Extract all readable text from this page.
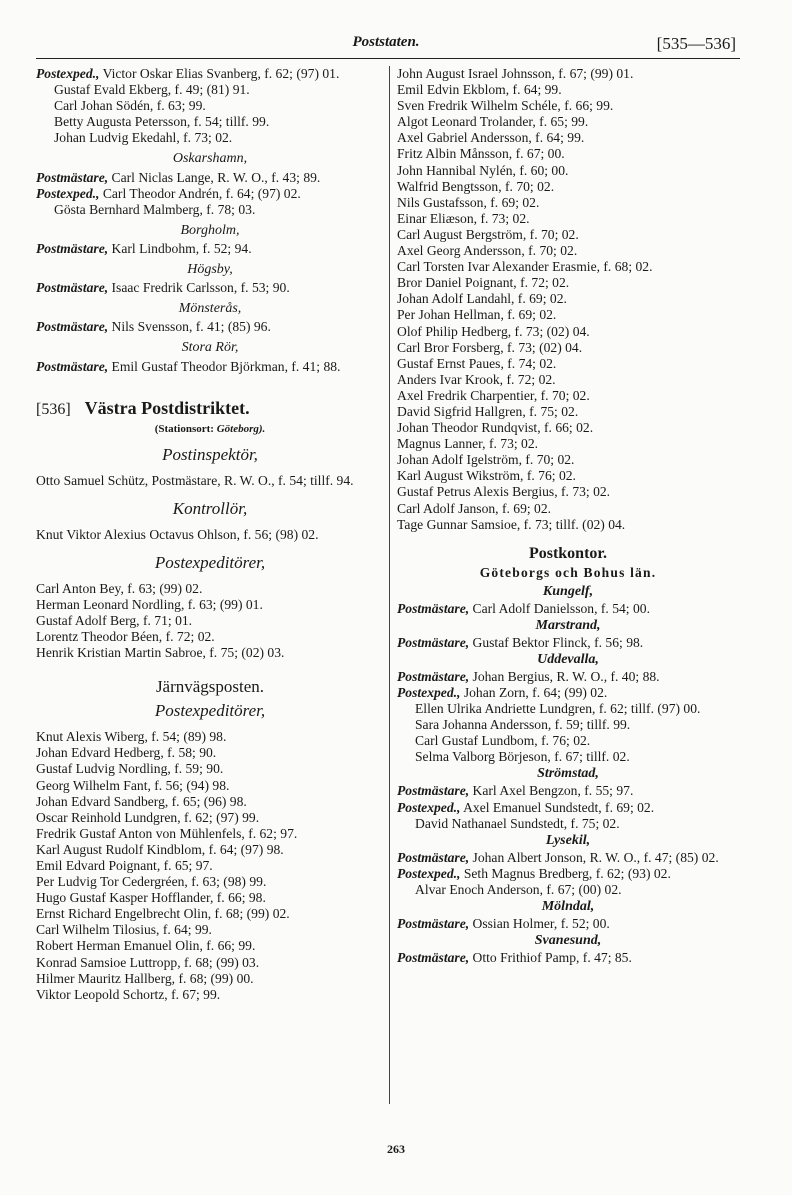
Poststaten.	[535—536]
Postexped., Victor Oskar Elias Svanberg, f. 62; (97) 01.
Gustaf Evald Ekberg, f. 49; (81) 91.
Carl Johan Södén, f. 63; 99.
Betty Augusta Petersson, f. 54; tillf. 99.
Johan Ludvig Ekedahl, f. 73; 02.
Oskarshamn,
Postmästare, Carl Niclas Lange, R. W. O., f. 43; 89.
Postexped., Carl Theodor Andrén, f. 64; (97) 02.
Gösta Bernhard Malmberg, f. 78; 03.
Borgholm,
Postmästare, Karl Lindbohm, f. 52; 94.
Högsby,
Postmästare, Isaac Fredrik Carlsson, f. 53; 90.
Mönsterås,
Postmästare, Nils Svensson, f. 41; (85) 96.
Stora Rör,
Postmästare, Emil Gustaf Theodor Björkman, f. 41; 88.
[536] Västra Postdistriktet.
(Stationsort: Göteborg).
Postinspektör,
Otto Samuel Schütz, Postmästare, R. W. O., f. 54; tillf. 94.
Kontrollör,
Knut Viktor Alexius Octavus Ohlson, f. 56; (98) 02.
Postexpeditörer,
Carl Anton Bey, f. 63; (99) 02.
Herman Leonard Nordling, f. 63; (99) 01.
Gustaf Adolf Berg, f. 71; 01.
Lorentz Theodor Béen, f. 72; 02.
Henrik Kristian Martin Sabroe, f. 75; (02) 03.
Järnvägsposten.
Postexpeditörer,
Knut Alexis Wiberg, f. 54; (89) 98.
Johan Edvard Hedberg, f. 58; 90.
Gustaf Ludvig Nordling, f. 59; 90.
Georg Wilhelm Fant, f. 56; (94) 98.
Johan Edvard Sandberg, f. 65; (96) 98.
Oscar Reinhold Lundgren, f. 62; (97) 99.
Fredrik Gustaf Anton von Mühlenfels, f. 62; 97.
Karl August Rudolf Kindblom, f. 64; (97) 98.
Emil Edvard Poignant, f. 65; 97.
Per Ludvig Tor Cedergréen, f. 63; (98) 99.
Hugo Gustaf Kasper Hofflander, f. 66; 98.
Ernst Richard Engelbrecht Olin, f. 68; (99) 02.
Carl Wilhelm Tilosius, f. 64; 99.
Robert Herman Emanuel Olin, f. 66; 99.
Konrad Samsioe Luttropp, f. 68; (99) 03.
Hilmer Mauritz Hallberg, f. 68; (99) 00.
Viktor Leopold Schortz, f. 67; 99.
John August Israel Johnsson, f. 67; (99) 01.
Emil Edvin Ekblom, f. 64; 99.
Sven Fredrik Wilhelm Schéle, f. 66; 99.
Algot Leonard Trolander, f. 65; 99.
Axel Gabriel Andersson, f. 64; 99.
Fritz Albin Månsson, f. 67; 00.
John Hannibal Nylén, f. 60; 00.
Walfrid Bengtsson, f. 70; 02.
Nils Gustafsson, f. 69; 02.
Einar Eliæson, f. 73; 02.
Carl August Bergström, f. 70; 02.
Axel Georg Andersson, f. 70; 02.
Carl Torsten Ivar Alexander Erasmie, f. 68; 02.
Bror Daniel Poignant, f. 72; 02.
Johan Adolf Landahl, f. 69; 02.
Per Johan Hellman, f. 69; 02.
Olof Philip Hedberg, f. 73; (02) 04.
Carl Bror Forsberg, f. 73; (02) 04.
Gustaf Ernst Paues, f. 74; 02.
Anders Ivar Krook, f. 72; 02.
Axel Fredrik Charpentier, f. 70; 02.
David Sigfrid Hallgren, f. 75; 02.
Johan Theodor Rundqvist, f. 66; 02.
Magnus Lanner, f. 73; 02.
Johan Adolf Igelström, f. 70; 02.
Karl August Wikström, f. 76; 02.
Gustaf Petrus Alexis Bergius, f. 73; 02.
Carl Adolf Janson, f. 69; 02.
Tage Gunnar Samsioe, f. 73; tillf. (02) 04.
Postkontor.
Göteborgs och Bohus län.
Kungelf,
Postmästare, Carl Adolf Danielsson, f. 54; 00.
Marstrand,
Postmästare, Gustaf Bektor Flinck, f. 56; 98.
Uddevalla,
Postmästare, Johan Bergius, R. W. O., f. 40; 88.
Postexped., Johan Zorn, f. 64; (99) 02.
Ellen Ulrika Andriette Lundgren, f. 62; tillf. (97) 00.
Sara Johanna Andersson, f. 59; tillf. 99.
Carl Gustaf Lundbom, f. 76; 02.
Selma Valborg Börjeson, f. 67; tillf. 02.
Strömstad,
Postmästare, Karl Axel Bengzon, f. 55; 97.
Postexped., Axel Emanuel Sundstedt, f. 69; 02.
David Nathanael Sundstedt, f. 75; 02.
Lysekil,
Postmästare, Johan Albert Jonson, R. W. O., f. 47; (85) 02.
Postexped., Seth Magnus Bredberg, f. 62; (93) 02.
Alvar Enoch Anderson, f. 67; (00) 02.
Mölndal,
Postmästare, Ossian Holmer, f. 52; 00.
Svanesund,
Postmästare, Otto Frithiof Pamp, f. 47; 85.
263
